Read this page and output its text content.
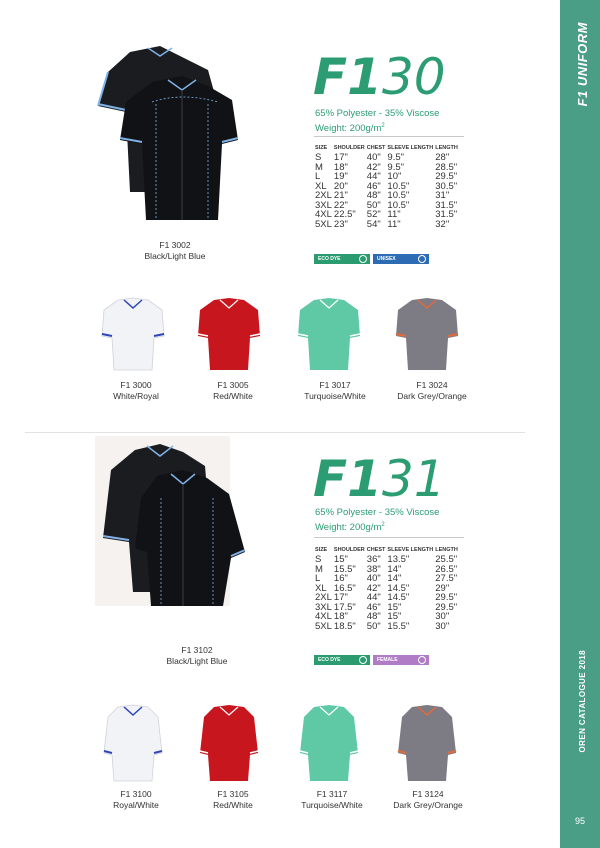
F1 UNIFORM
OREN CATALOGUE 2018
95
F130
65% Polyester - 35% Viscose
Weight: $200g/m^2$
SIZE	SHOULDER	CHEST	SLEEVE LENGTH	LENGTH
S	17"	40"	9.5"	28"
M	18"	42"	9.5"	28.5"
L	19"	44"	10"	29.5"
XL	20"	46"	10.5"	30.5"
2XL	21"	48"	10.5"	31"
3XL	22"	50"	10.5"	31.5"
4XL	22.5"	52"	11"	31.5"
5XL	23"	54"	11"	32"
ECO DYE	UNISEX
F1 3002
Black/Light Blue
F1 3000
White/Royal
F1 3005
Red/White
F1 3017
Turquoise/White
F1 3024
Dark Grey/Orange
F131
65% Polyester - 35% Viscose
Weight: $200g/m^2$
SIZE	SHOULDER	CHEST	SLEEVE LENGTH	LENGTH
S	15"	36"	13.5"	25.5"
M	15.5"	38"	14"	26.5"
L	16"	40"	14"	27.5"
XL	16.5"	42"	14.5"	29"
2XL	17"	44"	14.5"	29.5"
3XL	17.5"	46"	15"	29.5"
4XL	18"	48"	15"	30"
5XL	18.5"	50"	15.5"	30"
ECO DYE	FEMALE
F1 3102
Black/Light Blue
F1 3100
Royal/White
F1 3105
Red/White
F1 3117
Turquoise/White
F1 3124
Dark Grey/Orange
